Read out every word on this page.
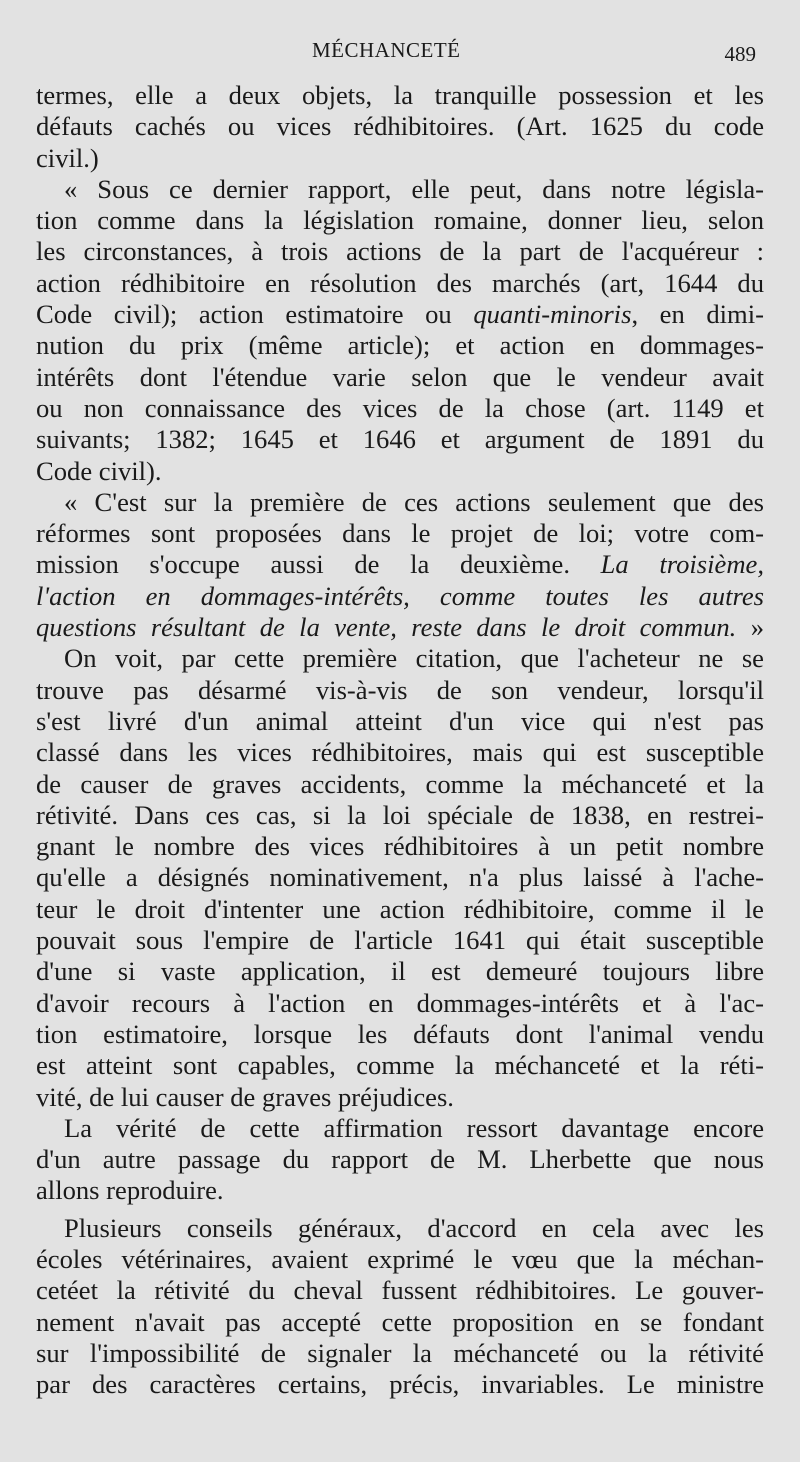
MÉCHANCETÉ	489
termes, elle a deux objets, la tranquille possession et les
défauts cachés ou vices rédhibitoires. (Art. 1625 du code
civil.)
« Sous ce dernier rapport, elle peut, dans notre législa-
tion comme dans la législation romaine, donner lieu, selon
les circonstances, à trois actions de la part de l'acquéreur :
action rédhibitoire en résolution des marchés (art, 1644 du
Code civil); action estimatoire ou quanti-minoris, en dimi-
nution du prix (même article); et action en dommages-
intérêts dont l'étendue varie selon que le vendeur avait
ou non connaissance des vices de la chose (art. 1149 et
suivants; 1382; 1645 et 1646 et argument de 1891 du
Code civil).
« C'est sur la première de ces actions seulement que des
réformes sont proposées dans le projet de loi; votre com-
mission s'occupe aussi de la deuxième. La troisième,
l'action en dommages-intérêts, comme toutes les autres
questions résultant de la vente, reste dans le droit commun. »
On voit, par cette première citation, que l'acheteur ne se
trouve pas désarmé vis-à-vis de son vendeur, lorsqu'il
s'est livré d'un animal atteint d'un vice qui n'est pas
classé dans les vices rédhibitoires, mais qui est susceptible
de causer de graves accidents, comme la méchanceté et la
rétivité. Dans ces cas, si la loi spéciale de 1838, en restrei-
gnant le nombre des vices rédhibitoires à un petit nombre
qu'elle a désignés nominativement, n'a plus laissé à l'ache-
teur le droit d'intenter une action rédhibitoire, comme il le
pouvait sous l'empire de l'article 1641 qui était susceptible
d'une si vaste application, il est demeuré toujours libre
d'avoir recours à l'action en dommages-intérêts et à l'ac-
tion estimatoire, lorsque les défauts dont l'animal vendu
est atteint sont capables, comme la méchanceté et la réti-
vité, de lui causer de graves préjudices.
La vérité de cette affirmation ressort davantage encore
d'un autre passage du rapport de M. Lherbette que nous
allons reproduire.
Plusieurs conseils généraux, d'accord en cela avec les
écoles vétérinaires, avaient exprimé le vœu que la méchan-
cetéet la rétivité du cheval fussent rédhibitoires. Le gouver-
nement n'avait pas accepté cette proposition en se fondant
sur l'impossibilité de signaler la méchanceté ou la rétivité
par des caractères certains, précis, invariables. Le ministre
